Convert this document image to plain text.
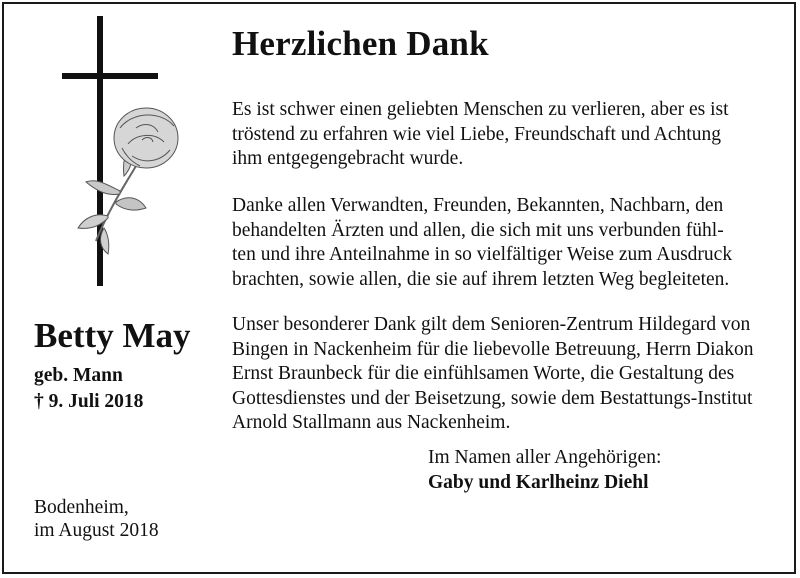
Herzlichen Dank

Es ist schwer einen geliebten Menschen zu verlieren, aber es ist
tröstend zu erfahren wie viel Liebe, Freundschaft und Achtung
ihm entgegengebracht wurde.

Danke allen Verwandten, Freunden, Bekannten, Nachbarn, den
behandelten Ärzten und allen, die sich mit uns verbunden fühl-
ten und ihre Anteilnahme in so vielfältiger Weise zum Ausdruck
brachten, sowie allen, die sie auf ihrem letzten Weg begleiteten.

Unser besonderer Dank gilt dem Senioren-Zentrum Hildegard von
Bingen in Nackenheim für die liebevolle Betreuung, Herrn Diakon
Ernst Braunbeck für die einfühlsamen Worte, die Gestaltung des
Gottesdienstes und der Beisetzung, sowie dem Bestattungs-Institut
Arnold Stallmann aus Nackenheim.

Betty May
geb. Mann
† 9. Juli 2018
Im Namen aller Angehörigen:
Gaby und Karlheinz Diehl
Bodenheim,
im August 2018
